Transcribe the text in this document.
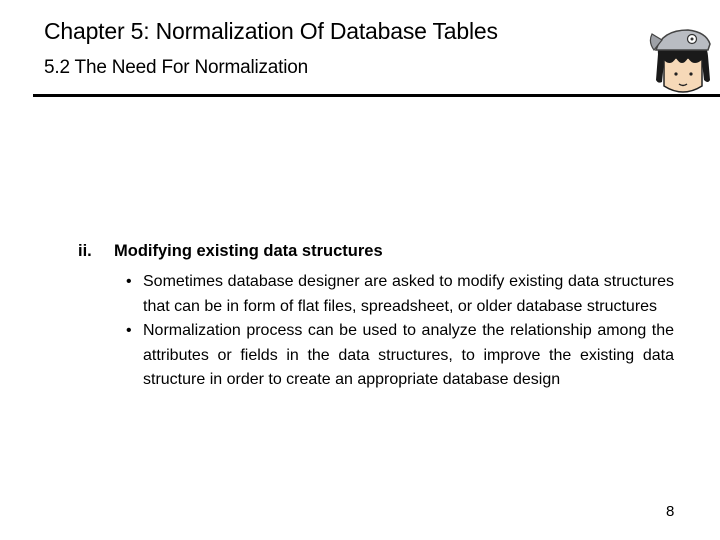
Chapter 5: Normalization Of Database Tables
5.2 The Need For Normalization
ii. Modifying existing data structures
• Sometimes database designer are asked to modify existing data structures that can be in form of flat files, spreadsheet, or older database structures
• Normalization process can be used to analyze the relationship among the attributes or fields in the data structures, to improve the existing data structure in order to create an appropriate database design
8
